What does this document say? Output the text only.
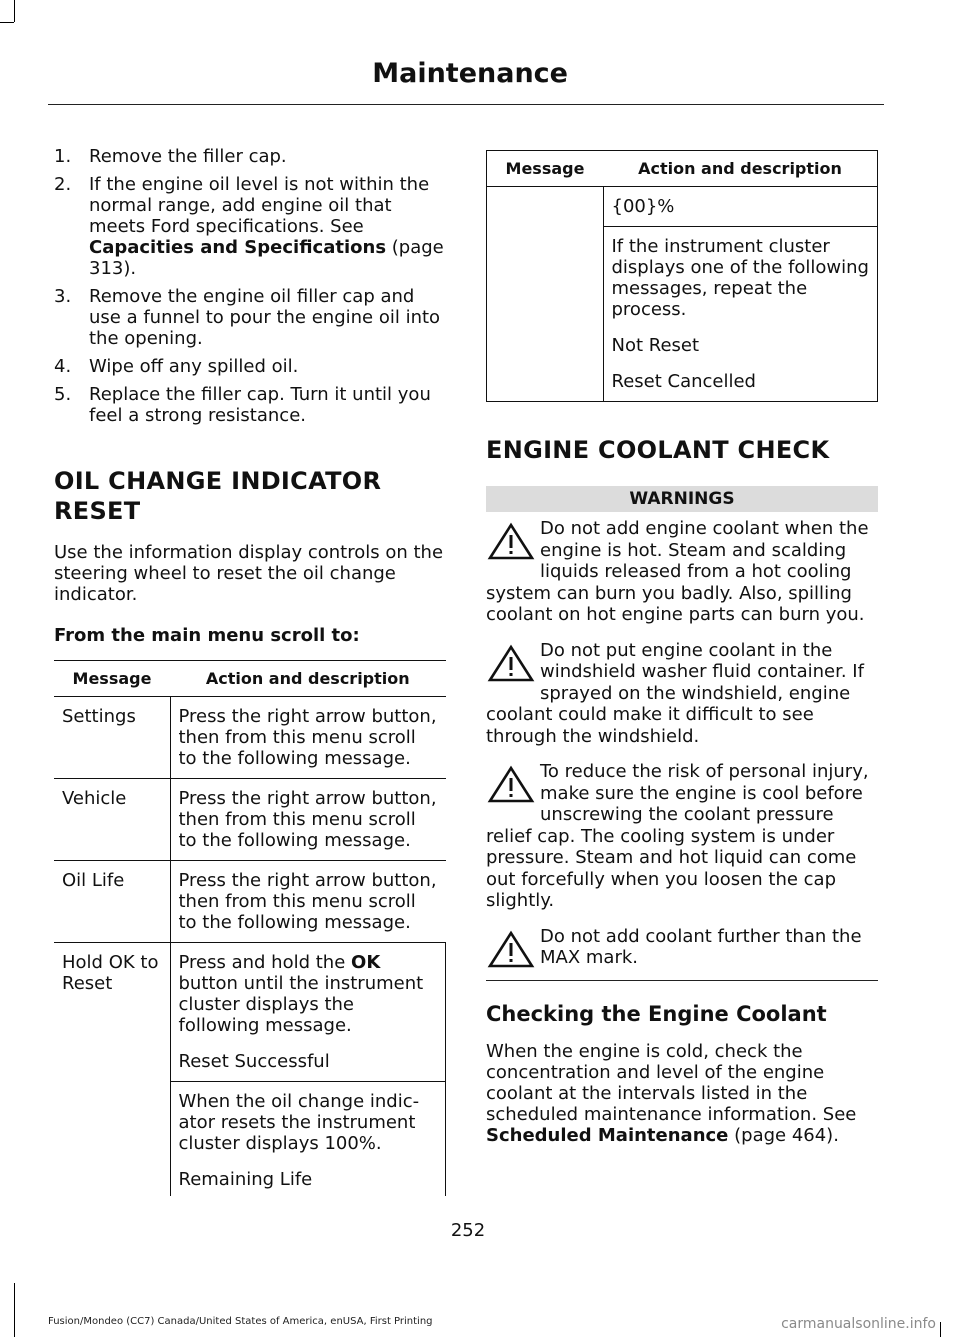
Maintenance
1. Remove the filler cap.
2. If the engine oil level is not within the normal range, add engine oil that meets Ford specifications. See Capacities and Specifications (page 313).
3. Remove the engine oil filler cap and use a funnel to pour the engine oil into the opening.
4. Wipe off any spilled oil.
5. Replace the filler cap. Turn it until you feel a strong resistance.
OIL CHANGE INDICATOR RESET

Use the information display controls on the steering wheel to reset the oil change indicator.

From the main menu scroll to:

Message	Action and description
Settings	Press the right arrow button, then from this menu scroll to the following message.
Vehicle	Press the right arrow button, then from this menu scroll to the following message.
Oil Life	Press the right arrow button, then from this menu scroll to the following message.
Hold OK to Reset	Press and hold the OK button until the instrument cluster displays the following message.

Reset Successful

	When the oil change indic- ator resets the instrument cluster displays 100%.

Remaining Life

Message	Action and description
	{00}%

	If the instrument cluster displays one of the following messages, repeat the process.

Not Reset

Reset Cancelled

ENGINE COOLANT CHECK

WARNINGS

Do not add engine coolant when the engine is hot. Steam and scalding liquids released from a hot cooling system can burn you badly. Also, spilling coolant on hot engine parts can burn you.

Do not put engine coolant in the windshield washer fluid container. If sprayed on the windshield, engine coolant could make it difficult to see through the windshield.

To reduce the risk of personal injury, make sure the engine is cool before unscrewing the coolant pressure relief cap. The cooling system is under pressure. Steam and hot liquid can come out forcefully when you loosen the cap slightly.

Do not add coolant further than the MAX mark.

Checking the Engine Coolant

When the engine is cold, check the concentration and level of the engine coolant at the intervals listed in the scheduled maintenance information. See Scheduled Maintenance (page 464).

252
Fusion/Mondeo (CC7) Canada/United States of America, enUSA, First Printing	carmanualsonline.info
